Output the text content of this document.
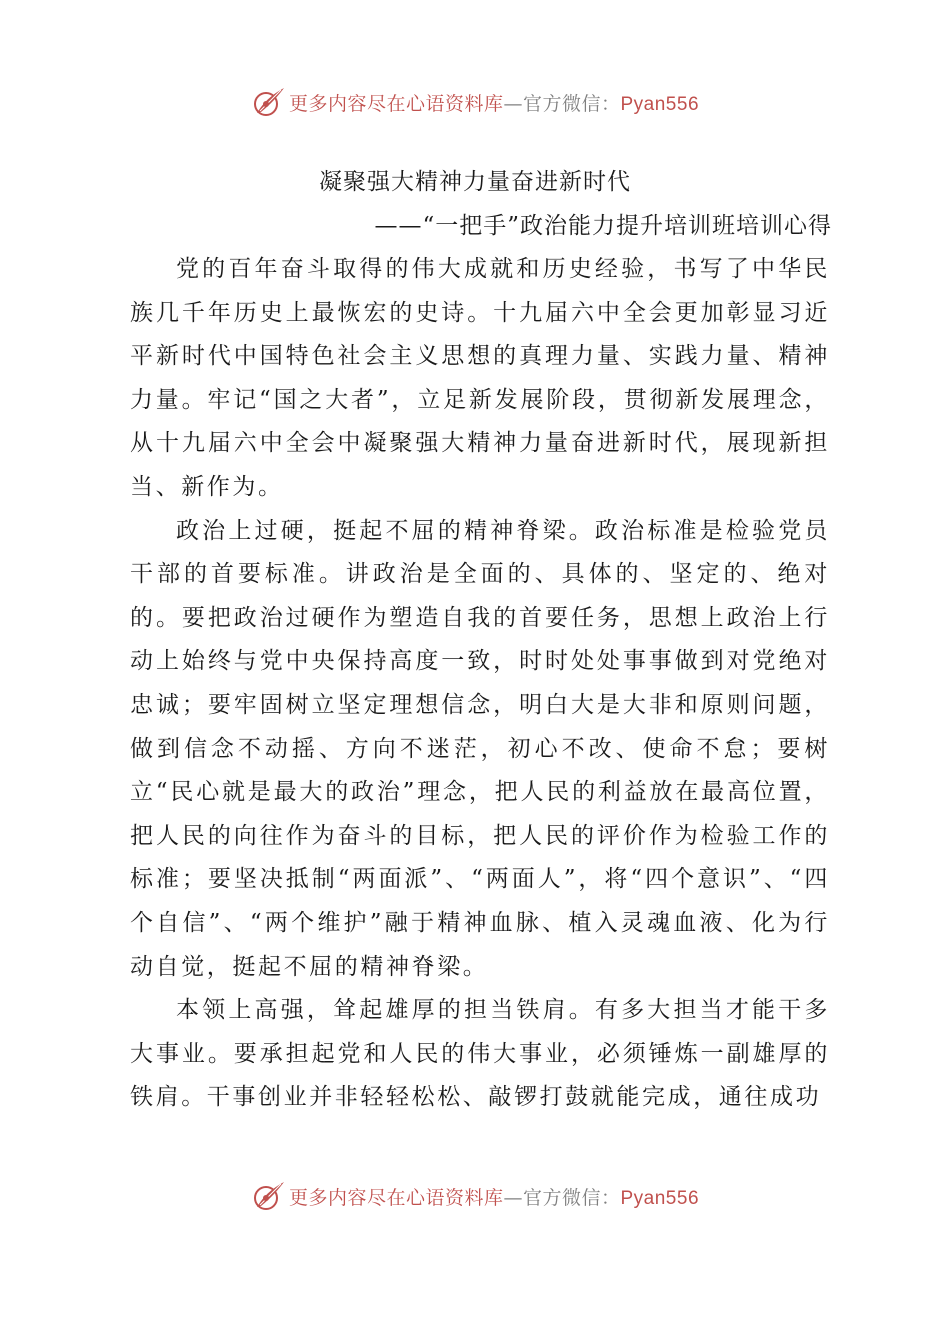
更多内容尽在心语资料库—官方微信：Pyan556
凝聚强大精神力量奋进新时代
——“一把手”政治能力提升培训班培训心得

党的百年奋斗取得的伟大成就和历史经验，书写了中华民族几千年历史上最恢宏的史诗。十九届六中全会更加彰显习近平新时代中国特色社会主义思想的真理力量、实践力量、精神力量。牢记“国之大者”，立足新发展阶段，贯彻新发展理念，从十九届六中全会中凝聚强大精神力量奋进新时代，展现新担当、新作为。

政治上过硬，挺起不屈的精神脊梁。政治标准是检验党员干部的首要标准。讲政治是全面的、具体的、坚定的、绝对的。要把政治过硬作为塑造自我的首要任务，思想上政治上行动上始终与党中央保持高度一致，时时处处事事做到对党绝对忠诚；要牢固树立坚定理想信念，明白大是大非和原则问题，做到信念不动摇、方向不迷茫，初心不改、使命不怠；要树立“民心就是最大的政治”理念，把人民的利益放在最高位置，把人民的向往作为奋斗的目标，把人民的评价作为检验工作的标准；要坚决抵制“两面派”、“两面人”，将“四个意识”、“四个自信”、“两个维护”融于精神血脉、植入灵魂血液、化为行动自觉，挺起不屈的精神脊梁。

本领上高强，耸起雄厚的担当铁肩。有多大担当才能干多大事业。要承担起党和人民的伟大事业，必须锤炼一副雄厚的铁肩。干事创业并非轻轻松松、敲锣打鼓就能完成，通往成功

更多内容尽在心语资料库—官方微信：Pyan556
